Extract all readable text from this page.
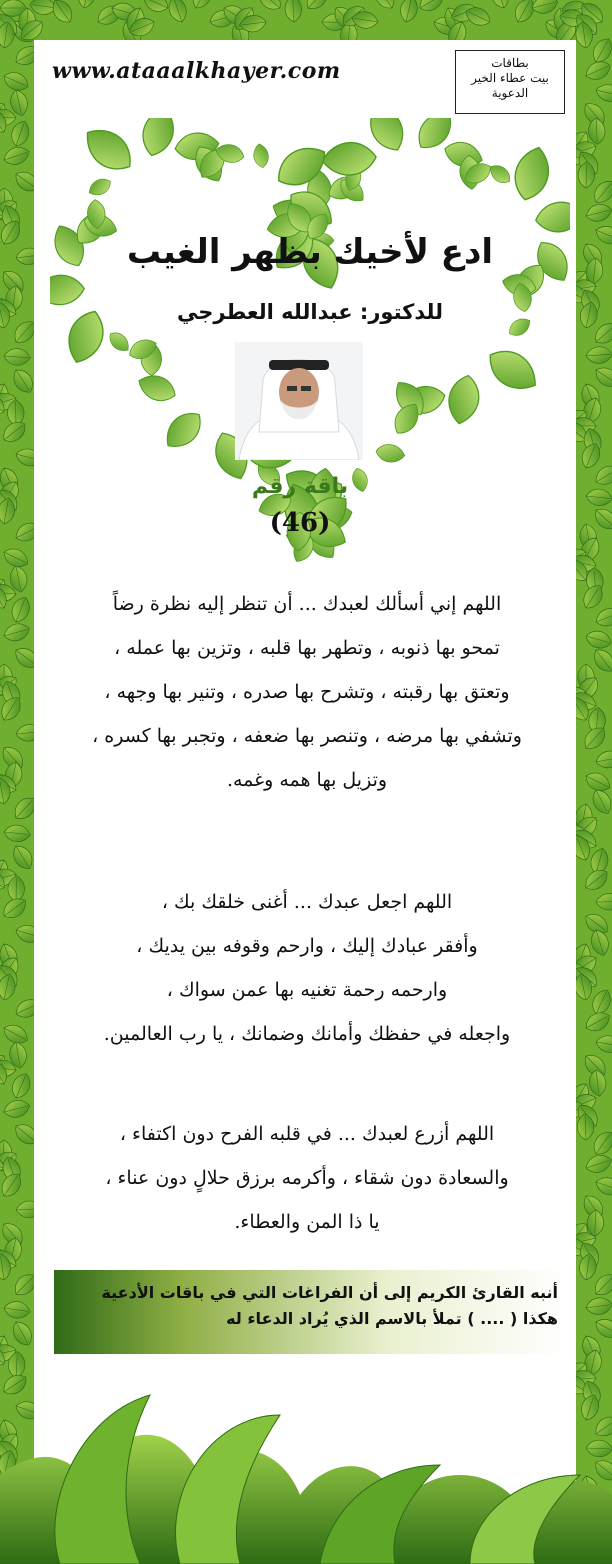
www.ataaalkhayer.com	بطاقات
بيت عطاء الخير
الدعوية
ادع لأخيك بظهر الغيب
للدكتور: عبدالله العطرجي
باقة رقم
(46)
اللهم إني أسألك لعبدك ... أن تنظر إليه نظرة رضاً
تمحو بها ذنوبه ، وتطهر بها قلبه ، وتزين بها عمله ،
وتعتق بها رقبته ، وتشرح بها صدره ، وتنير بها وجهه ،
وتشفي بها مرضه ، وتنصر بها ضعفه ، وتجبر بها كسره ،
وتزيل بها همه وغمه.
اللهم اجعل عبدك ... أغنى خلقك بك ،
وأفقر عبادك إليك ، وارحم وقوفه بين يديك ،
وارحمه رحمة تغنيه بها عمن سواك ،
واجعله في حفظك وأمانك وضمانك ، يا رب العالمين.
اللهم أزرع لعبدك ... في قلبه الفرح دون اكتفاء ،
والسعادة دون شقاء ، وأكرمه برزق حلالٍ دون عناء ،
يا ذا المن والعطاء.
أنبه القارئ الكريم إلى أن الفراغات التي في باقات الأدعية
هكذا ( .... ) تملأ بالاسم الذي يُراد الدعاء له
